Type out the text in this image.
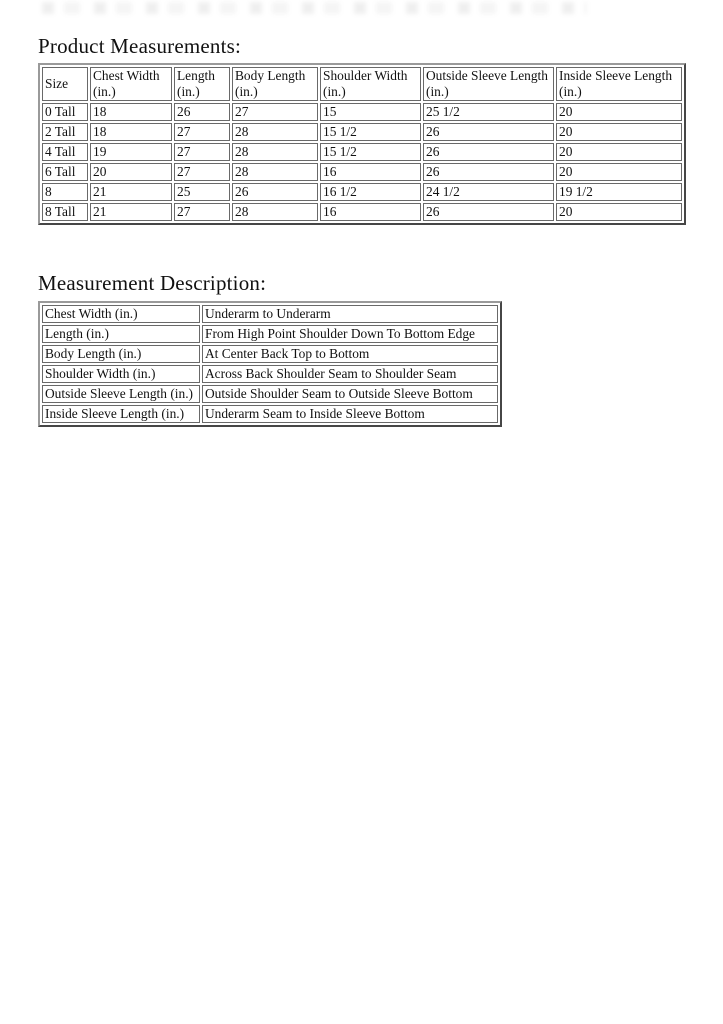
Product Measurements:
Size	Chest Width (in.)	Length (in.)	Body Length (in.)	Shoulder Width (in.)	Outside Sleeve Length (in.)	Inside Sleeve Length (in.)
0 Tall	18	26	27	15	25 1/2	20
2 Tall	18	27	28	15 1/2	26	20
4 Tall	19	27	28	15 1/2	26	20
6 Tall	20	27	28	16	26	20
8	21	25	26	16 1/2	24 1/2	19 1/2
8 Tall	21	27	28	16	26	20
Measurement Description:
Chest Width (in.)	Underarm to Underarm
Length (in.)	From High Point Shoulder Down To Bottom Edge
Body Length (in.)	At Center Back Top to Bottom
Shoulder Width (in.)	Across Back Shoulder Seam to Shoulder Seam
Outside Sleeve Length (in.)	Outside Shoulder Seam to Outside Sleeve Bottom
Inside Sleeve Length (in.)	Underarm Seam to Inside Sleeve Bottom
